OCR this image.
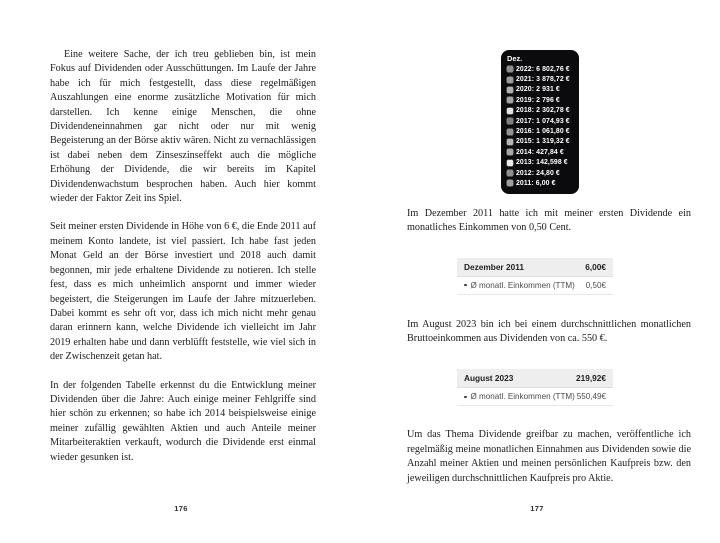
Eine weitere Sache, der ich treu geblieben bin, ist mein Fokus auf Dividenden oder Ausschüttungen. Im Laufe der Jahre habe ich für mich festgestellt, dass diese regelmäßigen Auszahlungen eine enorme zusätzliche Motivation für mich darstellen. Ich kenne einige Menschen, die ohne Dividendeneinnahmen gar nicht oder nur mit wenig Begeisterung an der Börse aktiv wären. Nicht zu vernachlässigen ist dabei neben dem Zinseszinseffekt auch die mögliche Erhöhung der Dividende, die wir bereits im Kapitel Dividendenwachstum besprochen haben. Auch hier kommt wieder der Faktor Zeit ins Spiel.

Seit meiner ersten Dividende in Höhe von 6 €, die Ende 2011 auf meinem Konto landete, ist viel passiert. Ich habe fast jeden Monat Geld an der Börse investiert und 2018 auch damit begonnen, mir jede erhaltene Dividende zu notieren. Ich stelle fest, dass es mich unheimlich anspornt und immer wieder begeistert, die Steigerungen im Laufe der Jahre mitzuerleben. Dabei kommt es sehr oft vor, dass ich mich nicht mehr genau daran erinnern kann, welche Dividende ich vielleicht im Jahr 2019 erhalten habe und dann verblüfft feststelle, wie viel sich in der Zwischenzeit getan hat.

In der folgenden Tabelle erkennst du die Entwicklung meiner Dividenden über die Jahre: Auch einige meiner Fehlgriffe sind hier schön zu erkennen; so habe ich 2014 beispielsweise einige meiner zufällig gewählten Aktien und auch Anteile meiner Mitarbeiteraktien verkauft, wodurch die Dividende erst einmal wieder gesunken ist.

176
Dez.
2022: 6 802,76 €
2021: 3 878,72 €
2020: 2 931 €
2019: 2 796 €
2018: 2 302,78 €
2017: 1 074,93 €
2016: 1 061,80 €
2015: 1 319,32 €
2014: 427,84 €
2013: 142,598 €
2012: 24,80 €
2011: 6,00 €

Im Dezember 2011 hatte ich mit meiner ersten Dividende ein monatliches Einkommen von 0,50 Cent.

Dezember 2011	6,00€
Ø monatl. Einkommen (TTM) 0,50€

Im August 2023 bin ich bei einem durchschnittlichen monatlichen Bruttoeinkommen aus Dividenden von ca. 550 €.

August 2023	219,92€
Ø monatl. Einkommen (TTM) 550,49€

Um das Thema Dividende greifbar zu machen, veröffentliche ich regelmäßig meine monatlichen Einnahmen aus Dividenden sowie die Anzahl meiner Aktien und meinen persönlichen Kaufpreis bzw. den jeweiligen durchschnittlichen Kaufpreis pro Aktie.

177
